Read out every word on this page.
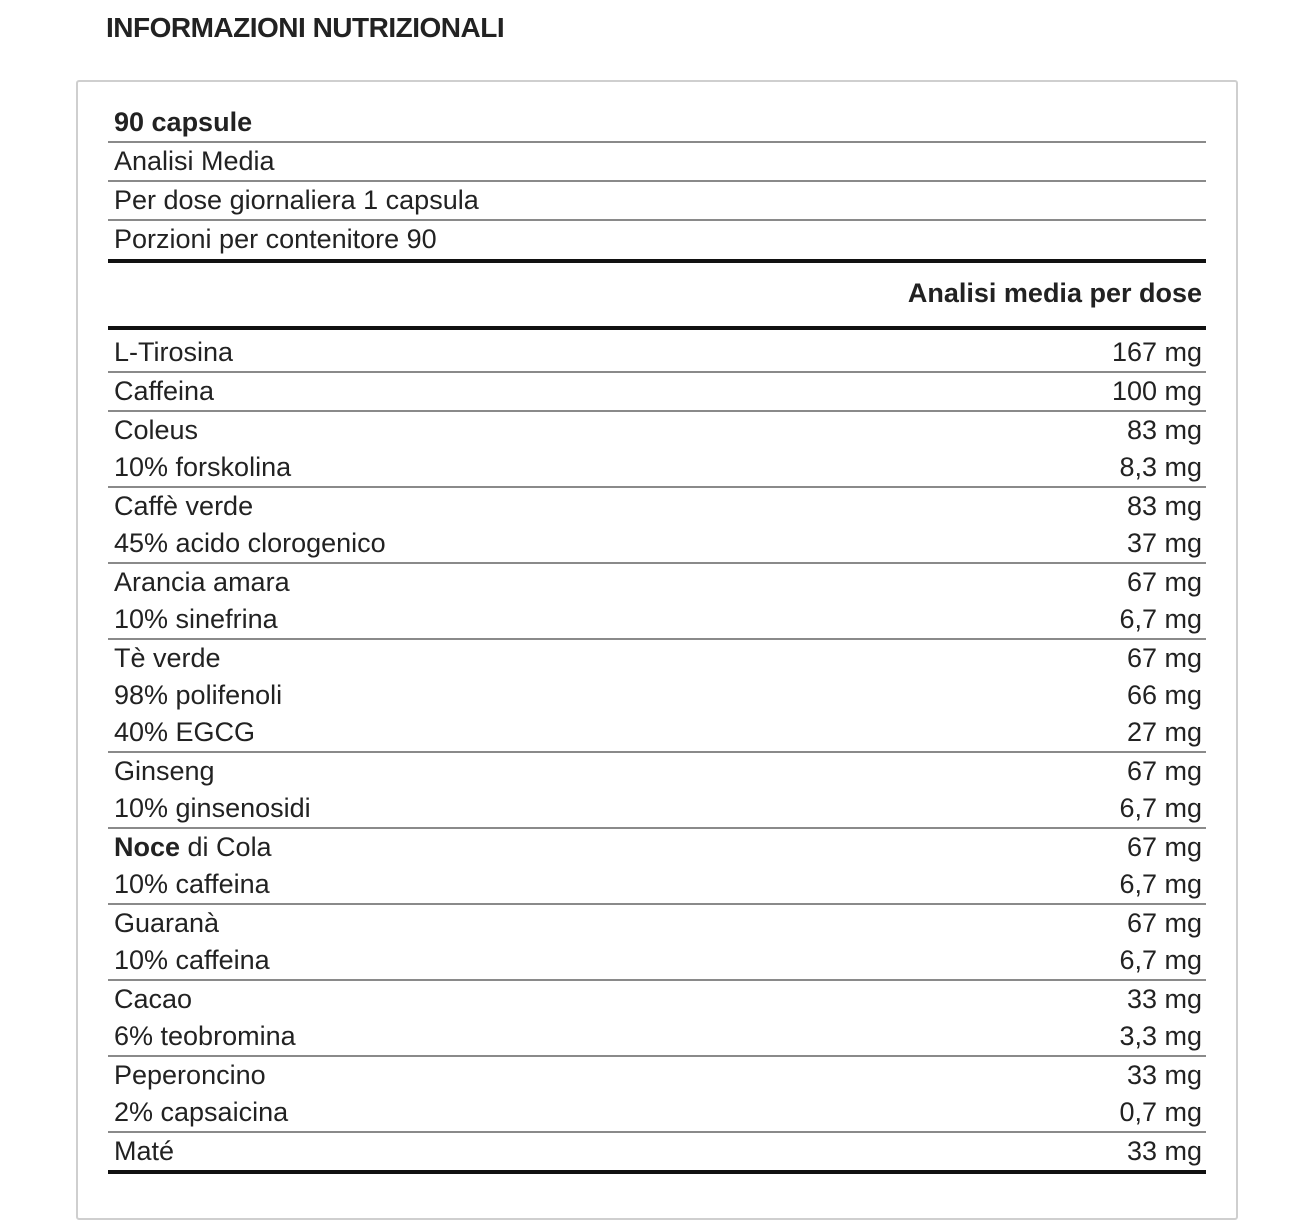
INFORMAZIONI NUTRIZIONALI
90 capsule
Analisi Media
Per dose giornaliera 1 capsula
Porzioni per contenitore 90
Analisi media per dose
L-Tirosina	167 mg
Caffeina	100 mg
Coleus	83 mg
10% forskolina	8,3 mg
Caffè verde	83 mg
45% acido clorogenico	37 mg
Arancia amara	67 mg
10% sinefrina	6,7 mg
Tè verde	67 mg
98% polifenoli	66 mg
40% EGCG	27 mg
Ginseng	67 mg
10% ginsenosidi	6,7 mg
Noce di Cola	67 mg
10% caffeina	6,7 mg
Guaranà	67 mg
10% caffeina	6,7 mg
Cacao	33 mg
6% teobromina	3,3 mg
Peperoncino	33 mg
2% capsaicina	0,7 mg
Maté	33 mg
